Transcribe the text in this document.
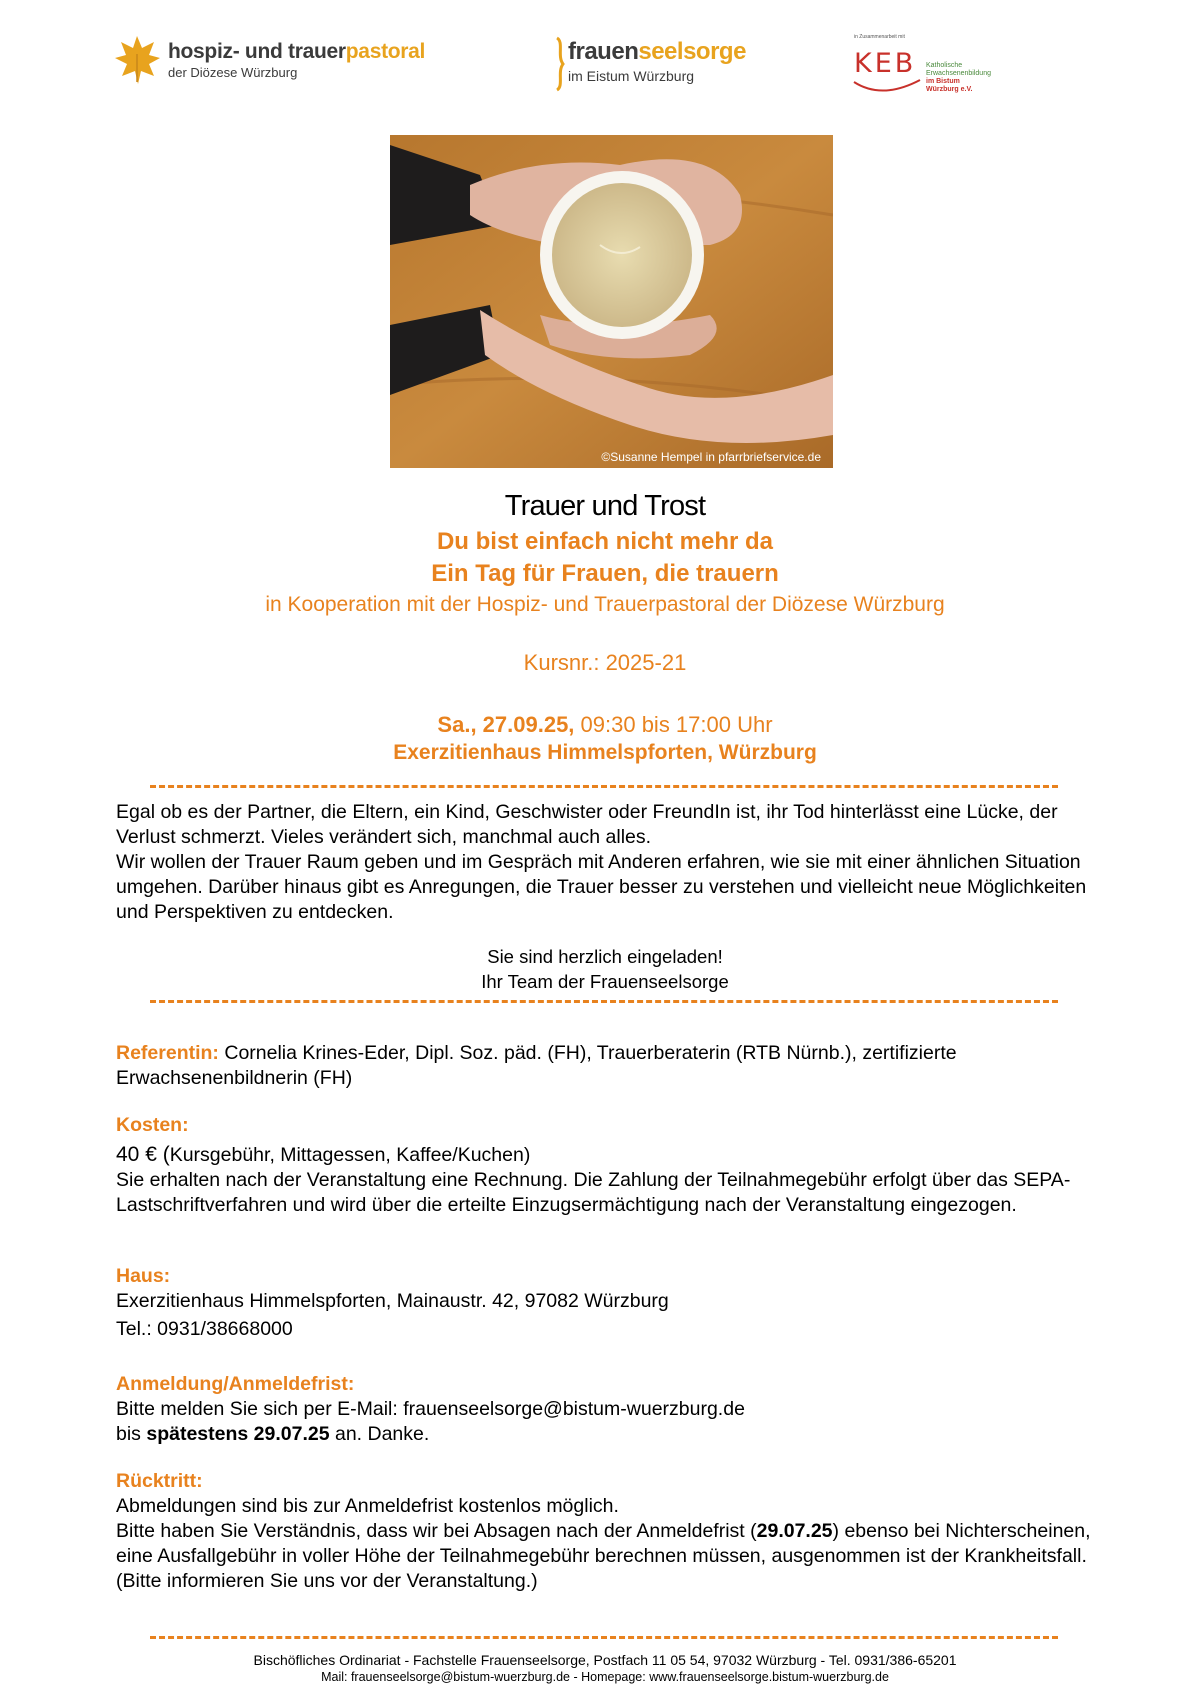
hospiz- und trauerpastoral
der Diözese Würzburg
frauenseelsorge
im Eistum Würzburg
in Zusammenarbeit mit
KEB Katholische
Erwachsenenbildung
im Bistum
Würzburg e.V.
©Susanne Hempel in pfarrbriefservice.de
Trauer und Trost
Du bist einfach nicht mehr da
Ein Tag für Frauen, die trauern
in Kooperation mit der Hospiz- und Trauerpastoral der Diözese Würzburg
Kursnr.: 2025-21
Sa., 27.09.25, 09:30 bis 17:00 Uhr
Exerzitienhaus Himmelspforten, Würzburg

Egal ob es der Partner, die Eltern, ein Kind, Geschwister oder FreundIn ist, ihr Tod hinterlässt eine Lücke, der Verlust schmerzt. Vieles verändert sich, manchmal auch alles.

Wir wollen der Trauer Raum geben und im Gespräch mit Anderen erfahren, wie sie mit einer ähnlichen Situation umgehen. Darüber hinaus gibt es Anregungen, die Trauer besser zu verstehen und vielleicht neue Möglichkeiten und Perspektiven zu entdecken.

Sie sind herzlich eingeladen!
Ihr Team der Frauenseelsorge

Referentin: Cornelia Krines-Eder, Dipl. Soz. päd. (FH), Trauerberaterin (RTB Nürnb.), zertifizierte Erwachsenenbildnerin (FH)

Kosten:

40 € (Kursgebühr, Mittagessen, Kaffee/Kuchen)

Sie erhalten nach der Veranstaltung eine Rechnung. Die Zahlung der Teilnahmegebühr erfolgt über das SEPA-Lastschriftverfahren und wird über die erteilte Einzugsermächtigung nach der Veranstaltung eingezogen.

Haus:

Exerzitienhaus Himmelspforten, Mainaustr. 42, 97082 Würzburg

Tel.: 0931/38668000

Anmeldung/Anmeldefrist:

Bitte melden Sie sich per E-Mail: frauenseelsorge@bistum-wuerzburg.de

bis spätestens 29.07.25 an. Danke.

Rücktritt:

Abmeldungen sind bis zur Anmeldefrist kostenlos möglich.

Bitte haben Sie Verständnis, dass wir bei Absagen nach der Anmeldefrist (29.07.25) ebenso bei Nichterscheinen, eine Ausfallgebühr in voller Höhe der Teilnahmegebühr berechnen müssen, ausgenommen ist der Krankheitsfall. (Bitte informieren Sie uns vor der Veranstaltung.)

Bischöfliches Ordinariat - Fachstelle Frauenseelsorge, Postfach 11 05 54, 97032 Würzburg - Tel. 0931/386-65201
Mail: frauenseelsorge@bistum-wuerzburg.de - Homepage: www.frauenseelsorge.bistum-wuerzburg.de
